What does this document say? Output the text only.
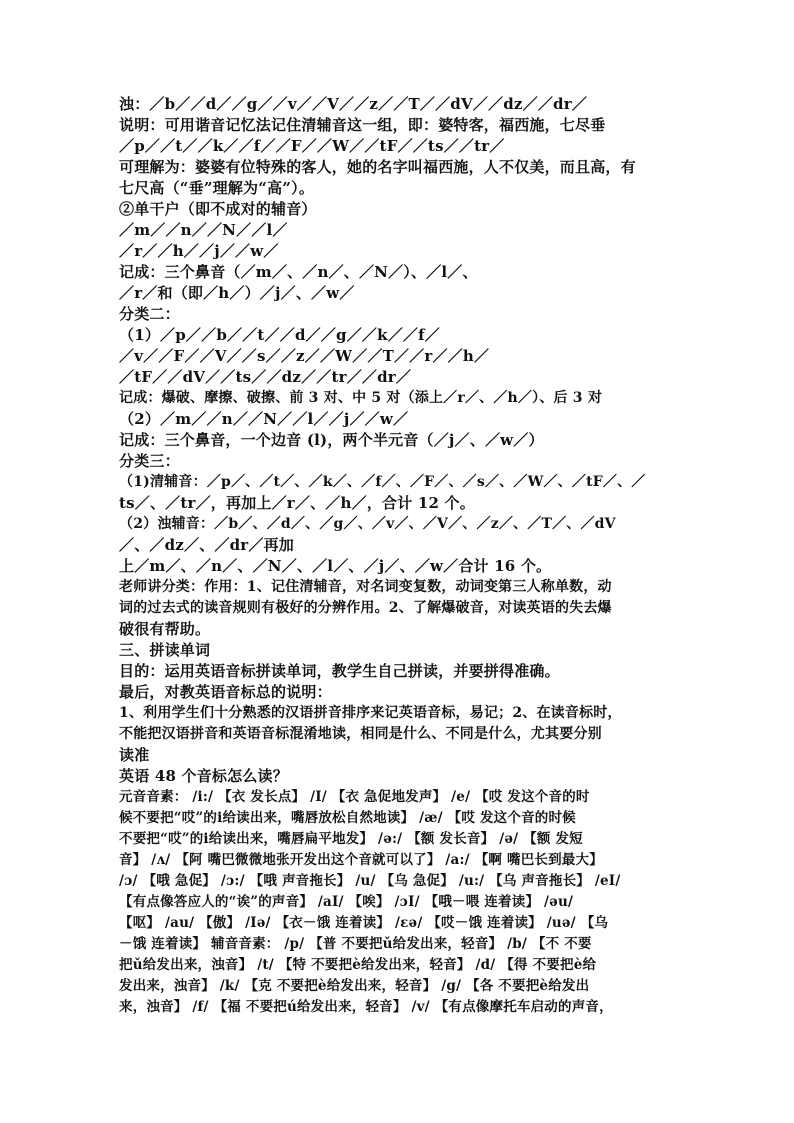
浊：／b／／d／／g／／v／／V／／z／／T／／dV／／dz／／dr／
说明：可用谐音记忆法记住清辅音这一组，即：婆特客，福西施，七尽垂
／p／／t／／k／／f／／F／／W／／tF／／ts／／tr／
可理解为：婆婆有位特殊的客人，她的名字叫福西施，人不仅美，而且高，有
七尺高（“垂”理解为“高”）。
②单干户（即不成对的辅音）
／m／／n／／N／／l／
／r／／h／／j／／w／
记成：三个鼻音（／m／、／n／、／N／）、／l／、
／r／和（即／h／）／j／、／w／
分类二：
（1）／p／／b／／t／／d／／g／／k／／f／
／v／／F／／V／／s／／z／／W／／T／／r／／h／
／tF／／dV／／ts／／dz／／tr／／dr／
记成：爆破、摩擦、破擦、前 3 对、中 5 对（添上／r／、／h／）、后 3 对
（2）／m／／n／／N／／l／／j／／w／
记成：三个鼻音，一个边音 (l)，两个半元音（／j／、／w／）
分类三：
（1)清辅音：／p／、／t／、／k／、／f／、／F／、／s／、／W／、／tF／、／
ts／、／tr／，再加上／r／、／h／，合计 12 个。
（2）浊辅音：／b／、／d／、／g／、／v／、／V／、／z／、／T／、／dV
／、／dz／、／dr／再加
上／m／、／n／、／N／、／l／、／j／、／w／合计 16 个。
老师讲分类：作用：1、记住清辅音，对名词变复数，动词变第三人称单数，动
词的过去式的读音规则有极好的分辨作用。2、了解爆破音，对读英语的失去爆
破很有帮助。
三、拼读单词
目的：运用英语音标拼读单词，教学生自己拼读，并要拼得准确。
最后，对教英语音标总的说明：
1、利用学生们十分熟悉的汉语拼音排序来记英语音标，易记；2、在读音标时，
不能把汉语拼音和英语音标混淆地读，相同是什么、不同是什么，尤其要分别
读准
英语 48 个音标怎么读？
元音音素： /i:/ 【衣 发长点】 /I/ 【衣 急促地发声】 /e/ 【哎 发这个音的时
候不要把“哎”的i给读出来，嘴唇放松自然地读】 /æ/ 【哎 发这个音的时候
不要把“哎”的i给读出来，嘴唇扁平地发】 /ə:/ 【额 发长音】 /ə/ 【额 发短
音】 /ʌ/ 【阿 嘴巴微微地张开发出这个音就可以了】 /a:/ 【啊 嘴巴长到最大】
/ɔ/ 【哦 急促】 /ɔ:/ 【哦 声音拖长】 /u/ 【乌 急促】 /u:/ 【乌 声音拖长】 /eI/
【有点像答应人的“诶”的声音】 /aI/ 【唉】 /ɔI/ 【哦－喂 连着读】 /əu/
【呕】 /au/ 【傲】 /Iə/ 【衣－饿 连着读】 /ɛə/ 【哎－饿 连着读】 /uə/ 【乌
－饿 连着读】 辅音音素： /p/ 【普 不要把ǔ给发出来，轻音】 /b/ 【不 不要
把ǔ给发出来，浊音】 /t/ 【特 不要把è给发出来，轻音】 /d/ 【得 不要把è给
发出来，浊音】 /k/ 【克 不要把è给发出来，轻音】 /g/ 【各 不要把è给发出
来，浊音】 /f/ 【福 不要把ú给发出来，轻音】 /v/ 【有点像摩托车启动的声音，
